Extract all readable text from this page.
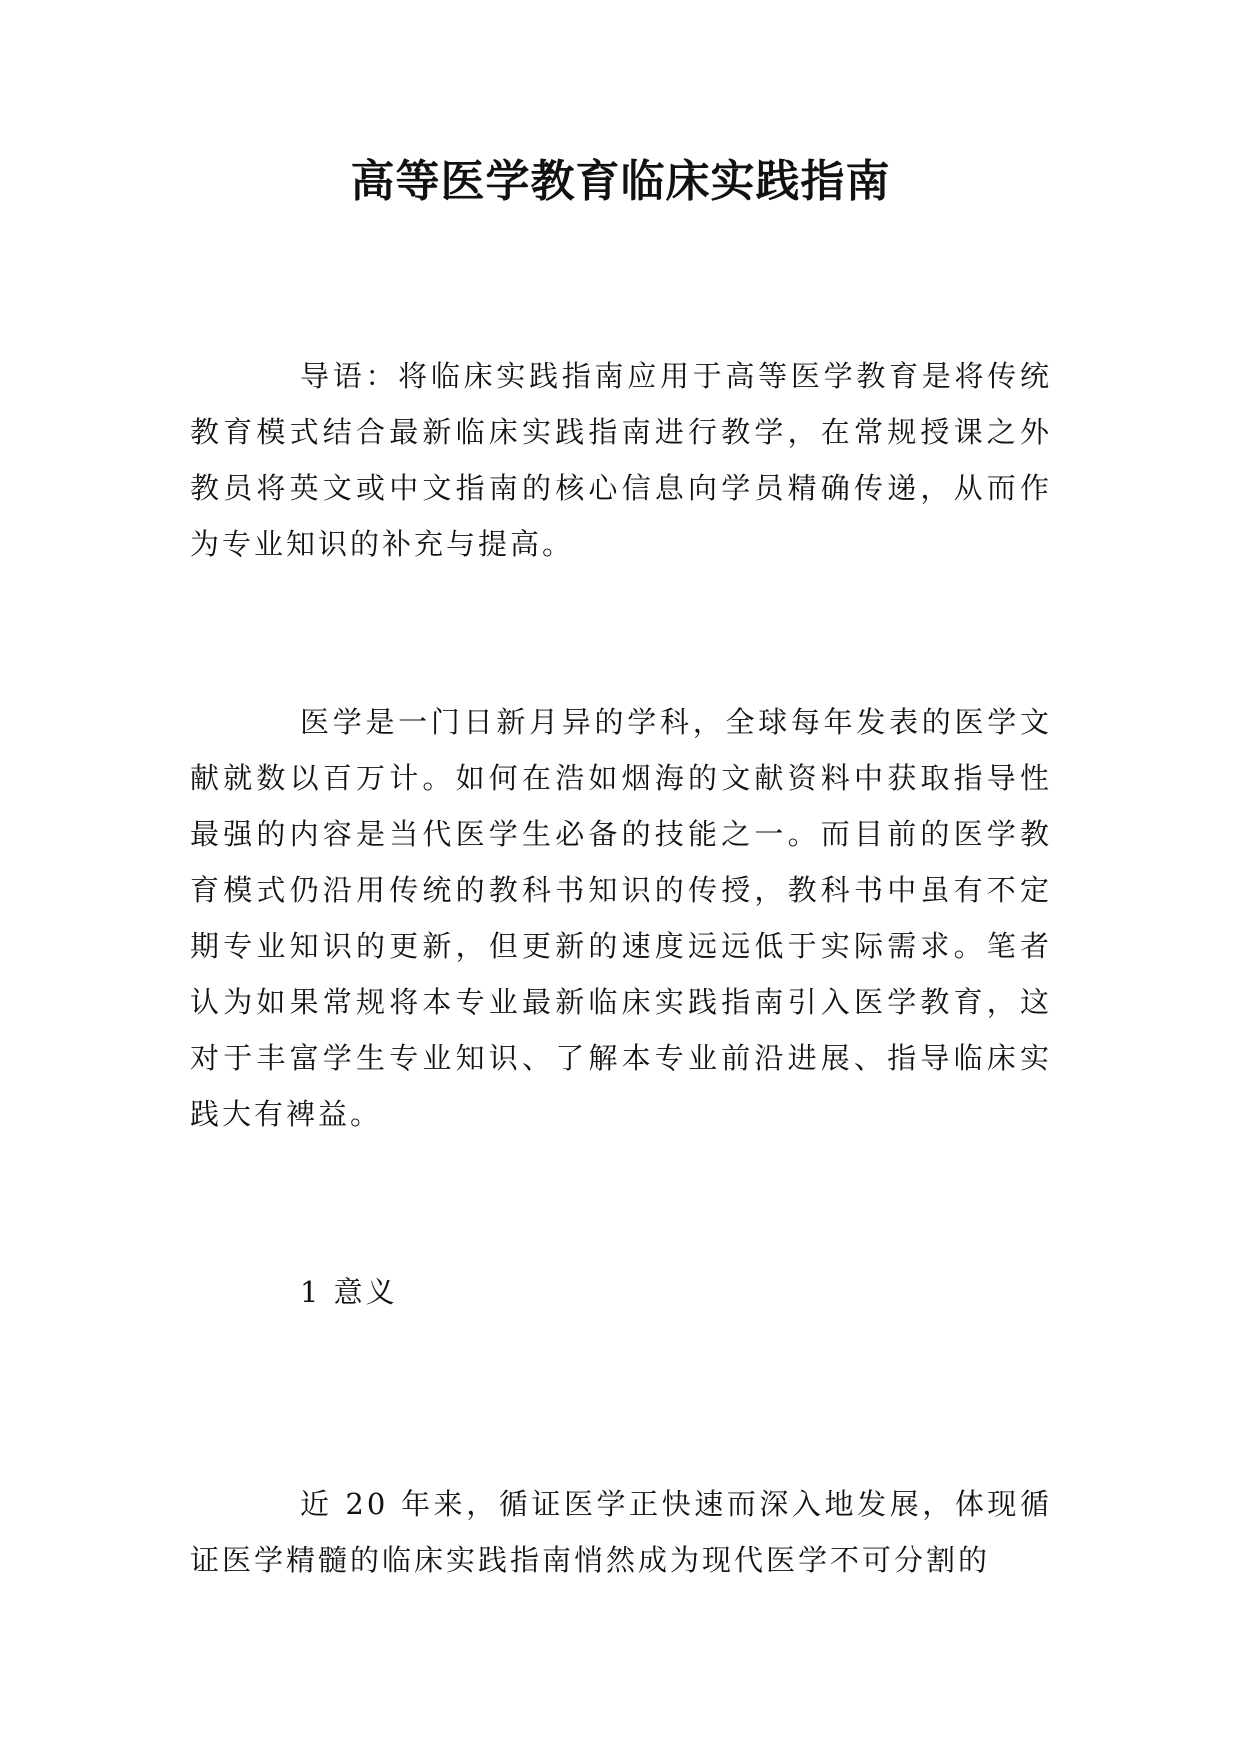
高等医学教育临床实践指南

导语：将临床实践指南应用于高等医学教育是将传统教育模式结合最新临床实践指南进行教学，在常规授课之外教员将英文或中文指南的核心信息向学员精确传递，从而作为专业知识的补充与提高。

医学是一门日新月异的学科，全球每年发表的医学文献就数以百万计。如何在浩如烟海的文献资料中获取指导性最强的内容是当代医学生必备的技能之一。而目前的医学教育模式仍沿用传统的教科书知识的传授，教科书中虽有不定期专业知识的更新，但更新的速度远远低于实际需求。笔者认为如果常规将本专业最新临床实践指南引入医学教育，这对于丰富学生专业知识、了解本专业前沿进展、指导临床实践大有裨益。

1 意义

近 20 年来，循证医学正快速而深入地发展，体现循证医学精髓的临床实践指南悄然成为现代医学不可分割的
